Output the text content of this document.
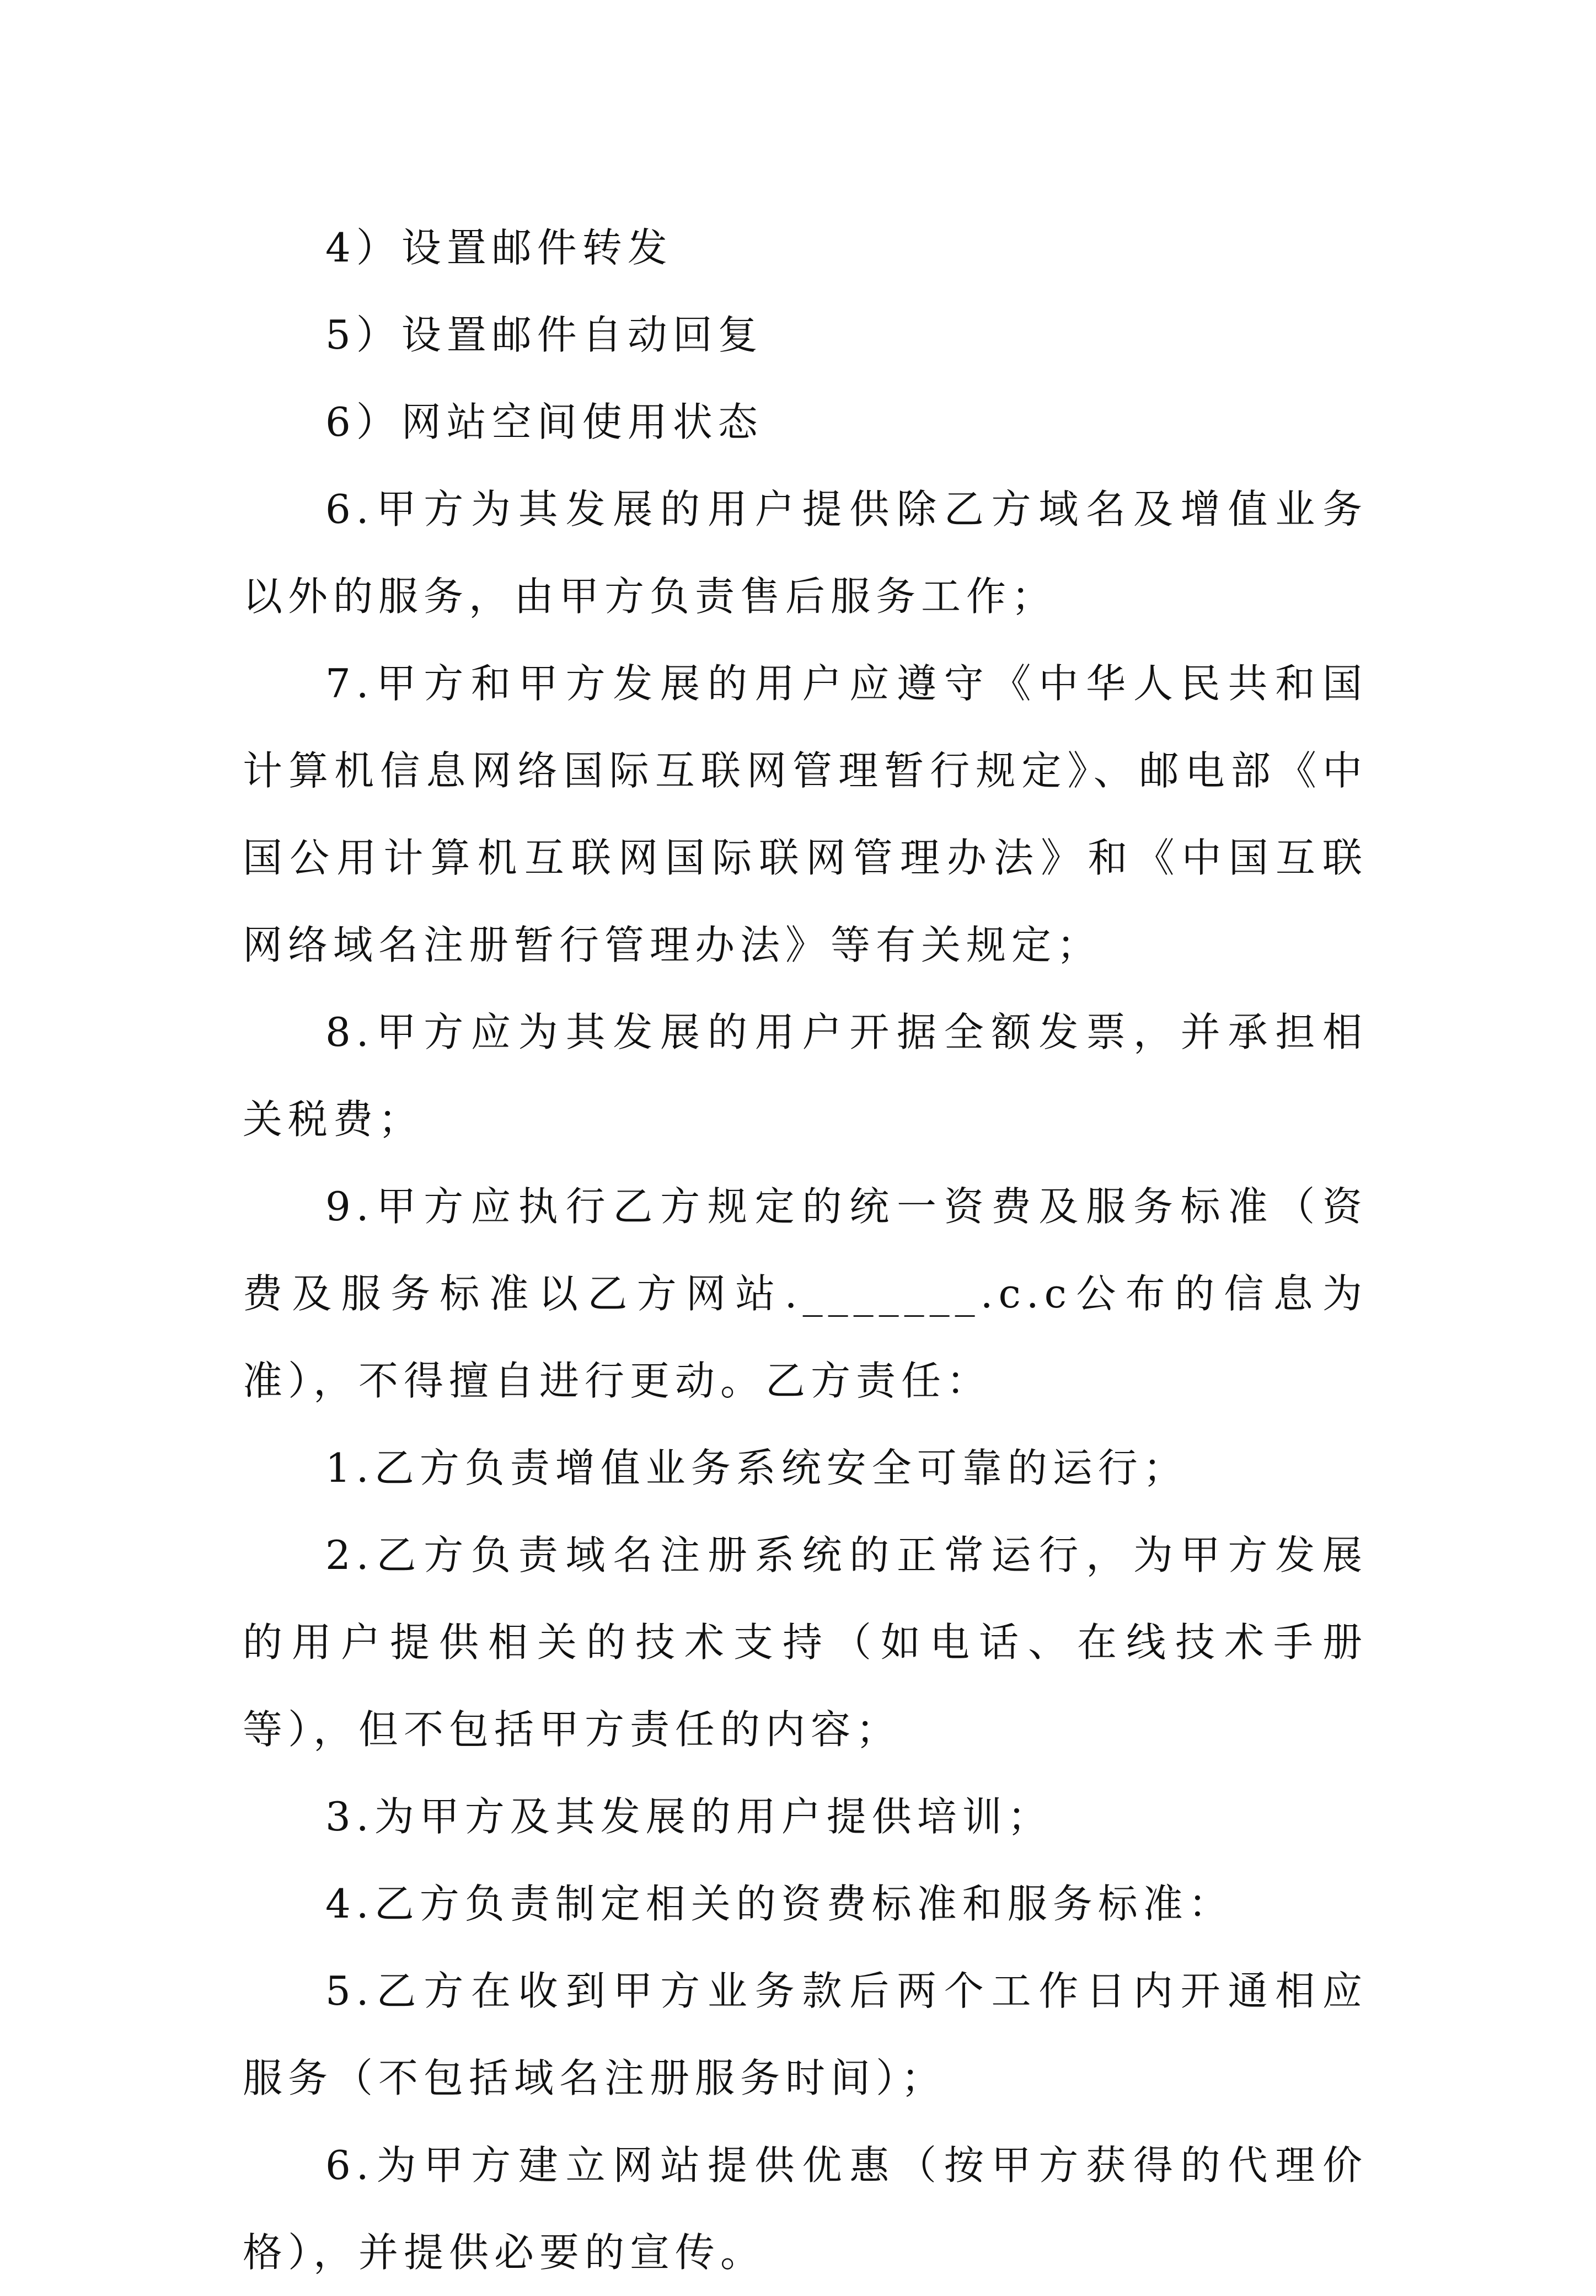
4）设置邮件转发

5）设置邮件自动回复

6）网站空间使用状态

6.甲方为其发展的用户提供除乙方域名及增值业务以外的服务，由甲方负责售后服务工作；

7.甲方和甲方发展的用户应遵守《中华人民共和国计算机信息网络国际互联网管理暂行规定》、邮电部《中国公用计算机互联网国际联网管理办法》和《中国互联网络域名注册暂行管理办法》等有关规定；

8.甲方应为其发展的用户开据全额发票，并承担相关税费；

9.甲方应执行乙方规定的统一资费及服务标准（资费及服务标准以乙方网站._______.c.c公布的信息为准），不得擅自进行更动。乙方责任：

1.乙方负责增值业务系统安全可靠的运行；

2.乙方负责域名注册系统的正常运行，为甲方发展的用户提供相关的技术支持（如电话、在线技术手册等），但不包括甲方责任的内容；

3.为甲方及其发展的用户提供培训；

4.乙方负责制定相关的资费标准和服务标准：

5.乙方在收到甲方业务款后两个工作日内开通相应服务（不包括域名注册服务时间）；

6.为甲方建立网站提供优惠（按甲方获得的代理价格），并提供必要的宣传。
